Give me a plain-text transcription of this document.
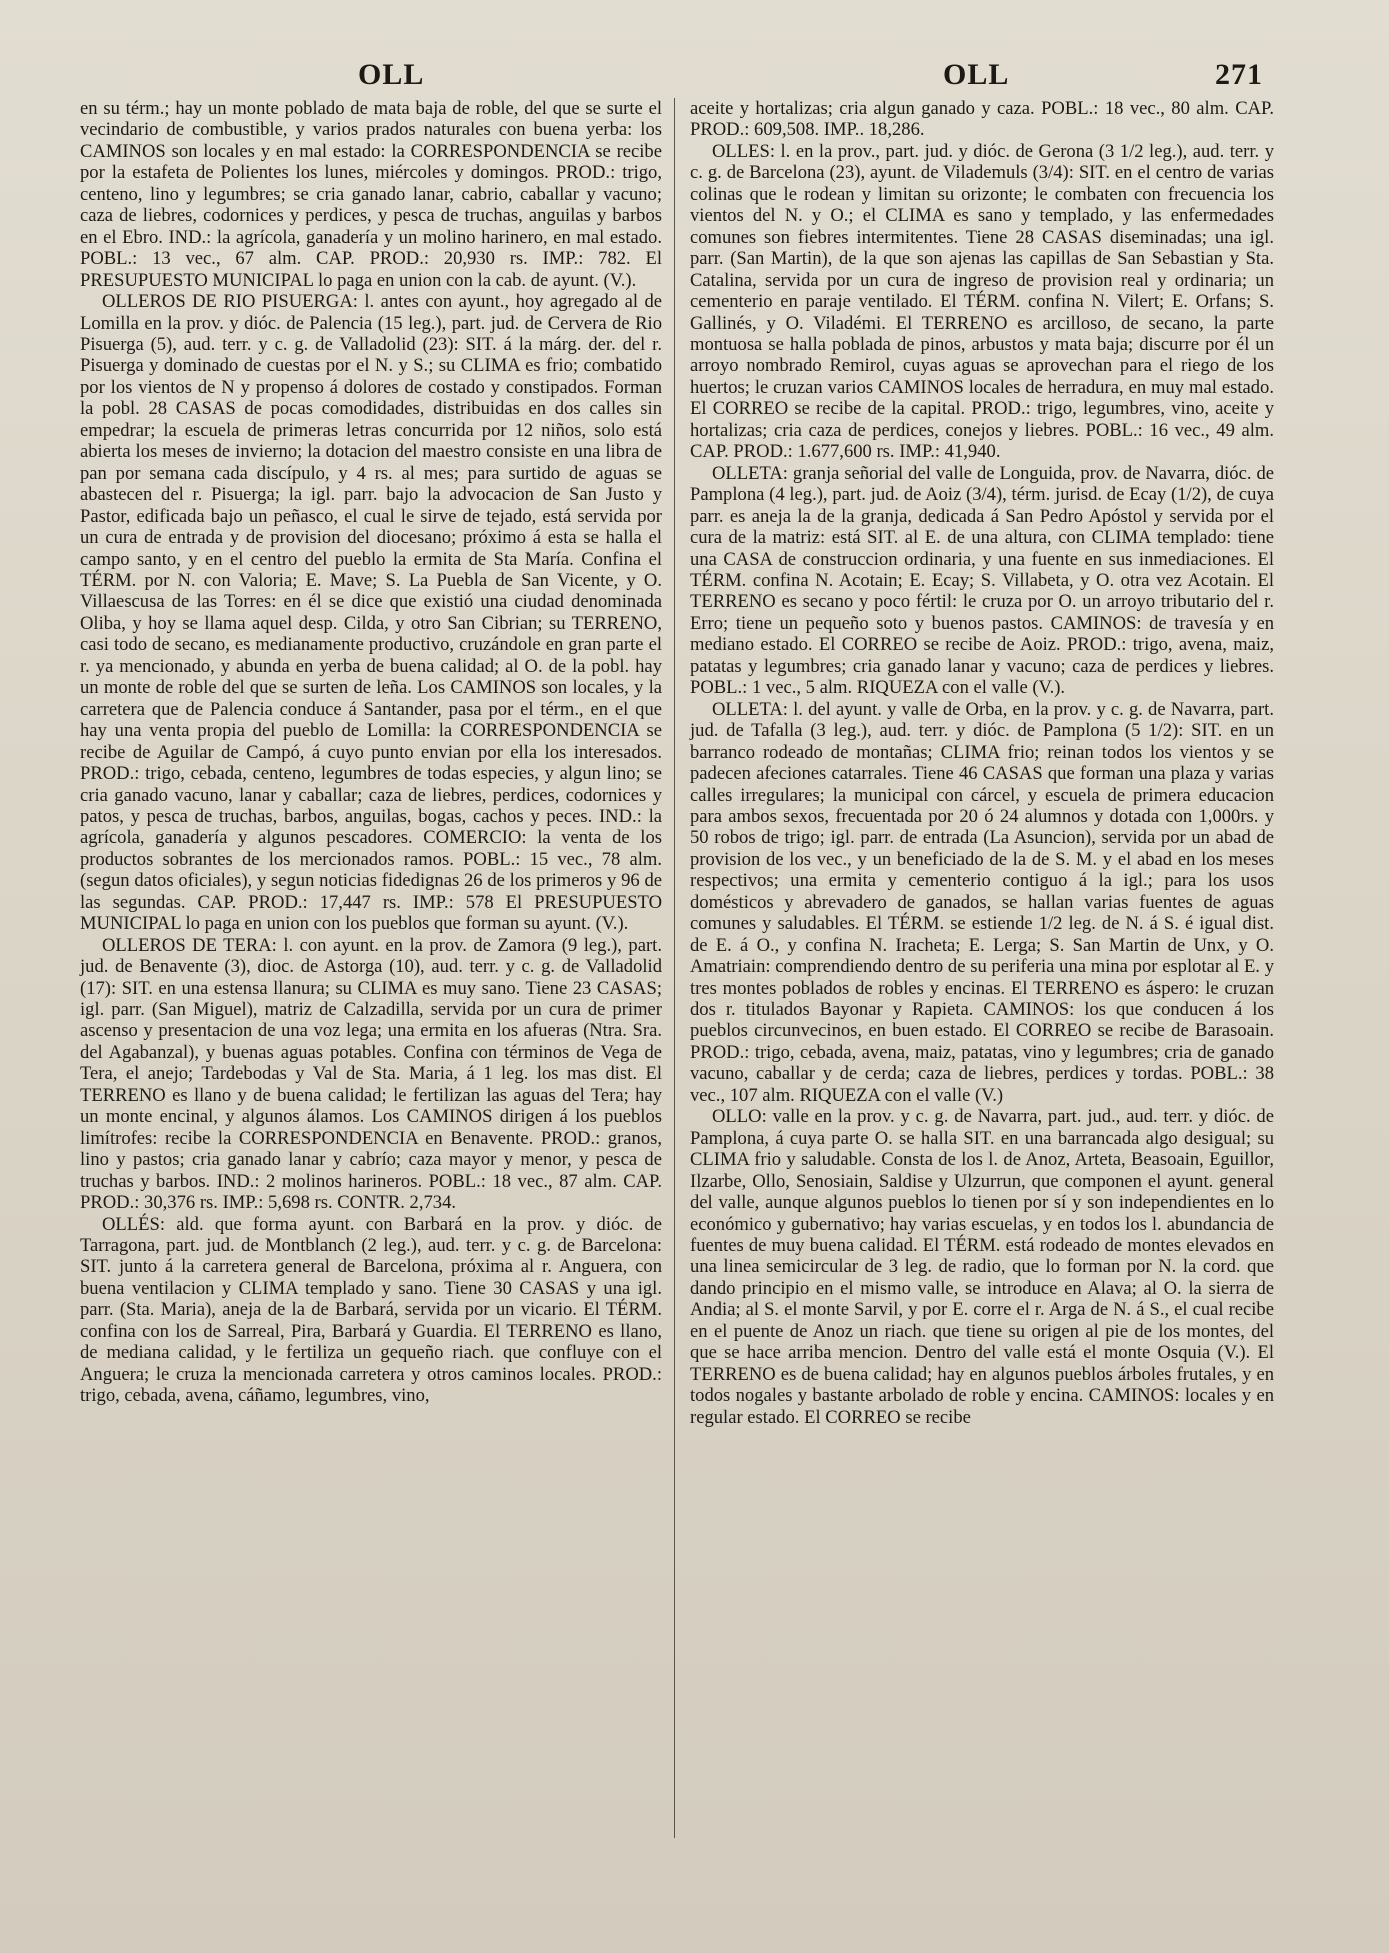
OLL	OLL	271

en su térm.; hay un monte poblado de mata baja de roble, del que se surte el vecindario de combustible, y varios prados naturales con buena yerba: los CAMINOS son locales y en mal estado: la CORRESPONDENCIA se recibe por la estafeta de Polientes los lunes, miércoles y domingos. PROD.: trigo, centeno, lino y legumbres; se cria ganado lanar, cabrio, caballar y vacuno; caza de liebres, codornices y perdices, y pesca de truchas, anguilas y barbos en el Ebro. IND.: la agrícola, ganadería y un molino harinero, en mal estado. POBL.: 13 vec., 67 alm. CAP. PROD.: 20,930 rs. IMP.: 782. El PRESUPUESTO MUNICIPAL lo paga en union con la cab. de ayunt. (V.).

OLLEROS DE RIO PISUERGA: l. antes con ayunt., hoy agregado al de Lomilla en la prov. y dióc. de Palencia (15 leg.), part. jud. de Cervera de Rio Pisuerga (5), aud. terr. y c. g. de Valladolid (23): SIT. á la márg. der. del r. Pisuerga y dominado de cuestas por el N. y S.; su CLIMA es frio; combatido por los vientos de N y propenso á dolores de costado y constipados. Forman la pobl. 28 CASAS de pocas comodidades, distribuidas en dos calles sin empedrar; la escuela de primeras letras concurrida por 12 niños, solo está abierta los meses de invierno; la dotacion del maestro consiste en una libra de pan por semana cada discípulo, y 4 rs. al mes; para surtido de aguas se abastecen del r. Pisuerga; la igl. parr. bajo la advocacion de San Justo y Pastor, edificada bajo un peñasco, el cual le sirve de tejado, está servida por un cura de entrada y de provision del diocesano; próximo á esta se halla el campo santo, y en el centro del pueblo la ermita de Sta María. Confina el TÉRM. por N. con Valoria; E. Mave; S. La Puebla de San Vicente, y O. Villaescusa de las Torres: en él se dice que existió una ciudad denominada Oliba, y hoy se llama aquel desp. Cilda, y otro San Cibrian; su TERRENO, casi todo de secano, es medianamente productivo, cruzándole en gran parte el r. ya mencionado, y abunda en yerba de buena calidad; al O. de la pobl. hay un monte de roble del que se surten de leña. Los CAMINOS son locales, y la carretera que de Palencia conduce á Santander, pasa por el térm., en el que hay una venta propia del pueblo de Lomilla: la CORRESPONDENCIA se recibe de Aguilar de Campó, á cuyo punto envian por ella los interesados. PROD.: trigo, cebada, centeno, legumbres de todas especies, y algun lino; se cria ganado vacuno, lanar y caballar; caza de liebres, perdices, codornices y patos, y pesca de truchas, barbos, anguilas, bogas, cachos y peces. IND.: la agrícola, ganadería y algunos pescadores. COMERCIO: la venta de los productos sobrantes de los mercionados ramos. POBL.: 15 vec., 78 alm. (segun datos oficiales), y segun noticias fidedignas 26 de los primeros y 96 de las segundas. CAP. PROD.: 17,447 rs. IMP.: 578 El PRESUPUESTO MUNICIPAL lo paga en union con los pueblos que forman su ayunt. (V.).

OLLEROS DE TERA: l. con ayunt. en la prov. de Zamora (9 leg.), part. jud. de Benavente (3), dioc. de Astorga (10), aud. terr. y c. g. de Valladolid (17): SIT. en una estensa llanura; su CLIMA es muy sano. Tiene 23 CASAS; igl. parr. (San Miguel), matriz de Calzadilla, servida por un cura de primer ascenso y presentacion de una voz lega; una ermita en los afueras (Ntra. Sra. del Agabanzal), y buenas aguas potables. Confina con términos de Vega de Tera, el anejo; Tardebodas y Val de Sta. Maria, á 1 leg. los mas dist. El TERRENO es llano y de buena calidad; le fertilizan las aguas del Tera; hay un monte encinal, y algunos álamos. Los CAMINOS dirigen á los pueblos limítrofes: recibe la CORRESPONDENCIA en Benavente. PROD.: granos, lino y pastos; cria ganado lanar y cabrío; caza mayor y menor, y pesca de truchas y barbos. IND.: 2 molinos harineros. POBL.: 18 vec., 87 alm. CAP. PROD.: 30,376 rs. IMP.: 5,698 rs. CONTR. 2,734.

OLLÉS: ald. que forma ayunt. con Barbará en la prov. y dióc. de Tarragona, part. jud. de Montblanch (2 leg.), aud. terr. y c. g. de Barcelona: SIT. junto á la carretera general de Barcelona, próxima al r. Anguera, con buena ventilacion y CLIMA templado y sano. Tiene 30 CASAS y una igl. parr. (Sta. Maria), aneja de la de Barbará, servida por un vicario. El TÉRM. confina con los de Sarreal, Pira, Barbará y Guardia. El TERRENO es llano, de mediana calidad, y le fertiliza un gequeño riach. que confluye con el Anguera; le cruza la mencionada carretera y otros caminos locales. PROD.: trigo, cebada, avena, cáñamo, legumbres, vino,

aceite y hortalizas; cria algun ganado y caza. POBL.: 18 vec., 80 alm. CAP. PROD.: 609,508. IMP.. 18,286.

OLLES: l. en la prov., part. jud. y dióc. de Gerona (3 1/2 leg.), aud. terr. y c. g. de Barcelona (23), ayunt. de Vilademuls (3/4): SIT. en el centro de varias colinas que le rodean y limitan su orizonte; le combaten con frecuencia los vientos del N. y O.; el CLIMA es sano y templado, y las enfermedades comunes son fiebres intermitentes. Tiene 28 CASAS diseminadas; una igl. parr. (San Martin), de la que son ajenas las capillas de San Sebastian y Sta. Catalina, servida por un cura de ingreso de provision real y ordinaria; un cementerio en paraje ventilado. El TÉRM. confina N. Vilert; E. Orfans; S. Gallinés, y O. Viladémi. El TERRENO es arcilloso, de secano, la parte montuosa se halla poblada de pinos, arbustos y mata baja; discurre por él un arroyo nombrado Remirol, cuyas aguas se aprovechan para el riego de los huertos; le cruzan varios CAMINOS locales de herradura, en muy mal estado. El CORREO se recibe de la capital. PROD.: trigo, legumbres, vino, aceite y hortalizas; cria caza de perdices, conejos y liebres. POBL.: 16 vec., 49 alm. CAP. PROD.: 1.677,600 rs. IMP.: 41,940.

OLLETA: granja señorial del valle de Longuida, prov. de Navarra, dióc. de Pamplona (4 leg.), part. jud. de Aoiz (3/4), térm. jurisd. de Ecay (1/2), de cuya parr. es aneja la de la granja, dedicada á San Pedro Apóstol y servida por el cura de la matriz: está SIT. al E. de una altura, con CLIMA templado: tiene una CASA de construccion ordinaria, y una fuente en sus inmediaciones. El TÉRM. confina N. Acotain; E. Ecay; S. Villabeta, y O. otra vez Acotain. El TERRENO es secano y poco fértil: le cruza por O. un arroyo tributario del r. Erro; tiene un pequeño soto y buenos pastos. CAMINOS: de travesía y en mediano estado. El CORREO se recibe de Aoiz. PROD.: trigo, avena, maiz, patatas y legumbres; cria ganado lanar y vacuno; caza de perdices y liebres. POBL.: 1 vec., 5 alm. RIQUEZA con el valle (V.).

OLLETA: l. del ayunt. y valle de Orba, en la prov. y c. g. de Navarra, part. jud. de Tafalla (3 leg.), aud. terr. y dióc. de Pamplona (5 1/2): SIT. en un barranco rodeado de montañas; CLIMA frio; reinan todos los vientos y se padecen afeciones catarrales. Tiene 46 CASAS que forman una plaza y varias calles irregulares; la municipal con cárcel, y escuela de primera educacion para ambos sexos, frecuentada por 20 ó 24 alumnos y dotada con 1,000rs. y 50 robos de trigo; igl. parr. de entrada (La Asuncion), servida por un abad de provision de los vec., y un beneficiado de la de S. M. y el abad en los meses respectivos; una ermita y cementerio contiguo á la igl.; para los usos domésticos y abrevadero de ganados, se hallan varias fuentes de aguas comunes y saludables. El TÉRM. se estiende 1/2 leg. de N. á S. é igual dist. de E. á O., y confina N. Iracheta; E. Lerga; S. San Martin de Unx, y O. Amatriain: comprendiendo dentro de su periferia una mina por esplotar al E. y tres montes poblados de robles y encinas. El TERRENO es áspero: le cruzan dos r. titulados Bayonar y Rapieta. CAMINOS: los que conducen á los pueblos circunvecinos, en buen estado. El CORREO se recibe de Barasoain. PROD.: trigo, cebada, avena, maiz, patatas, vino y legumbres; cria de ganado vacuno, caballar y de cerda; caza de liebres, perdices y tordas. POBL.: 38 vec., 107 alm. RIQUEZA con el valle (V.)

OLLO: valle en la prov. y c. g. de Navarra, part. jud., aud. terr. y dióc. de Pamplona, á cuya parte O. se halla SIT. en una barrancada algo desigual; su CLIMA frio y saludable. Consta de los l. de Anoz, Arteta, Beasoain, Eguillor, Ilzarbe, Ollo, Senosiain, Saldise y Ulzurrun, que componen el ayunt. general del valle, aunque algunos pueblos lo tienen por sí y son independientes en lo económico y gubernativo; hay varias escuelas, y en todos los l. abundancia de fuentes de muy buena calidad. El TÉRM. está rodeado de montes elevados en una linea semicircular de 3 leg. de radio, que lo forman por N. la cord. que dando principio en el mismo valle, se introduce en Alava; al O. la sierra de Andia; al S. el monte Sarvil, y por E. corre el r. Arga de N. á S., el cual recibe en el puente de Anoz un riach. que tiene su origen al pie de los montes, del que se hace arriba mencion. Dentro del valle está el monte Osquia (V.). El TERRENO es de buena calidad; hay en algunos pueblos árboles frutales, y en todos nogales y bastante arbolado de roble y encina. CAMINOS: locales y en regular estado. El CORREO se recibe
